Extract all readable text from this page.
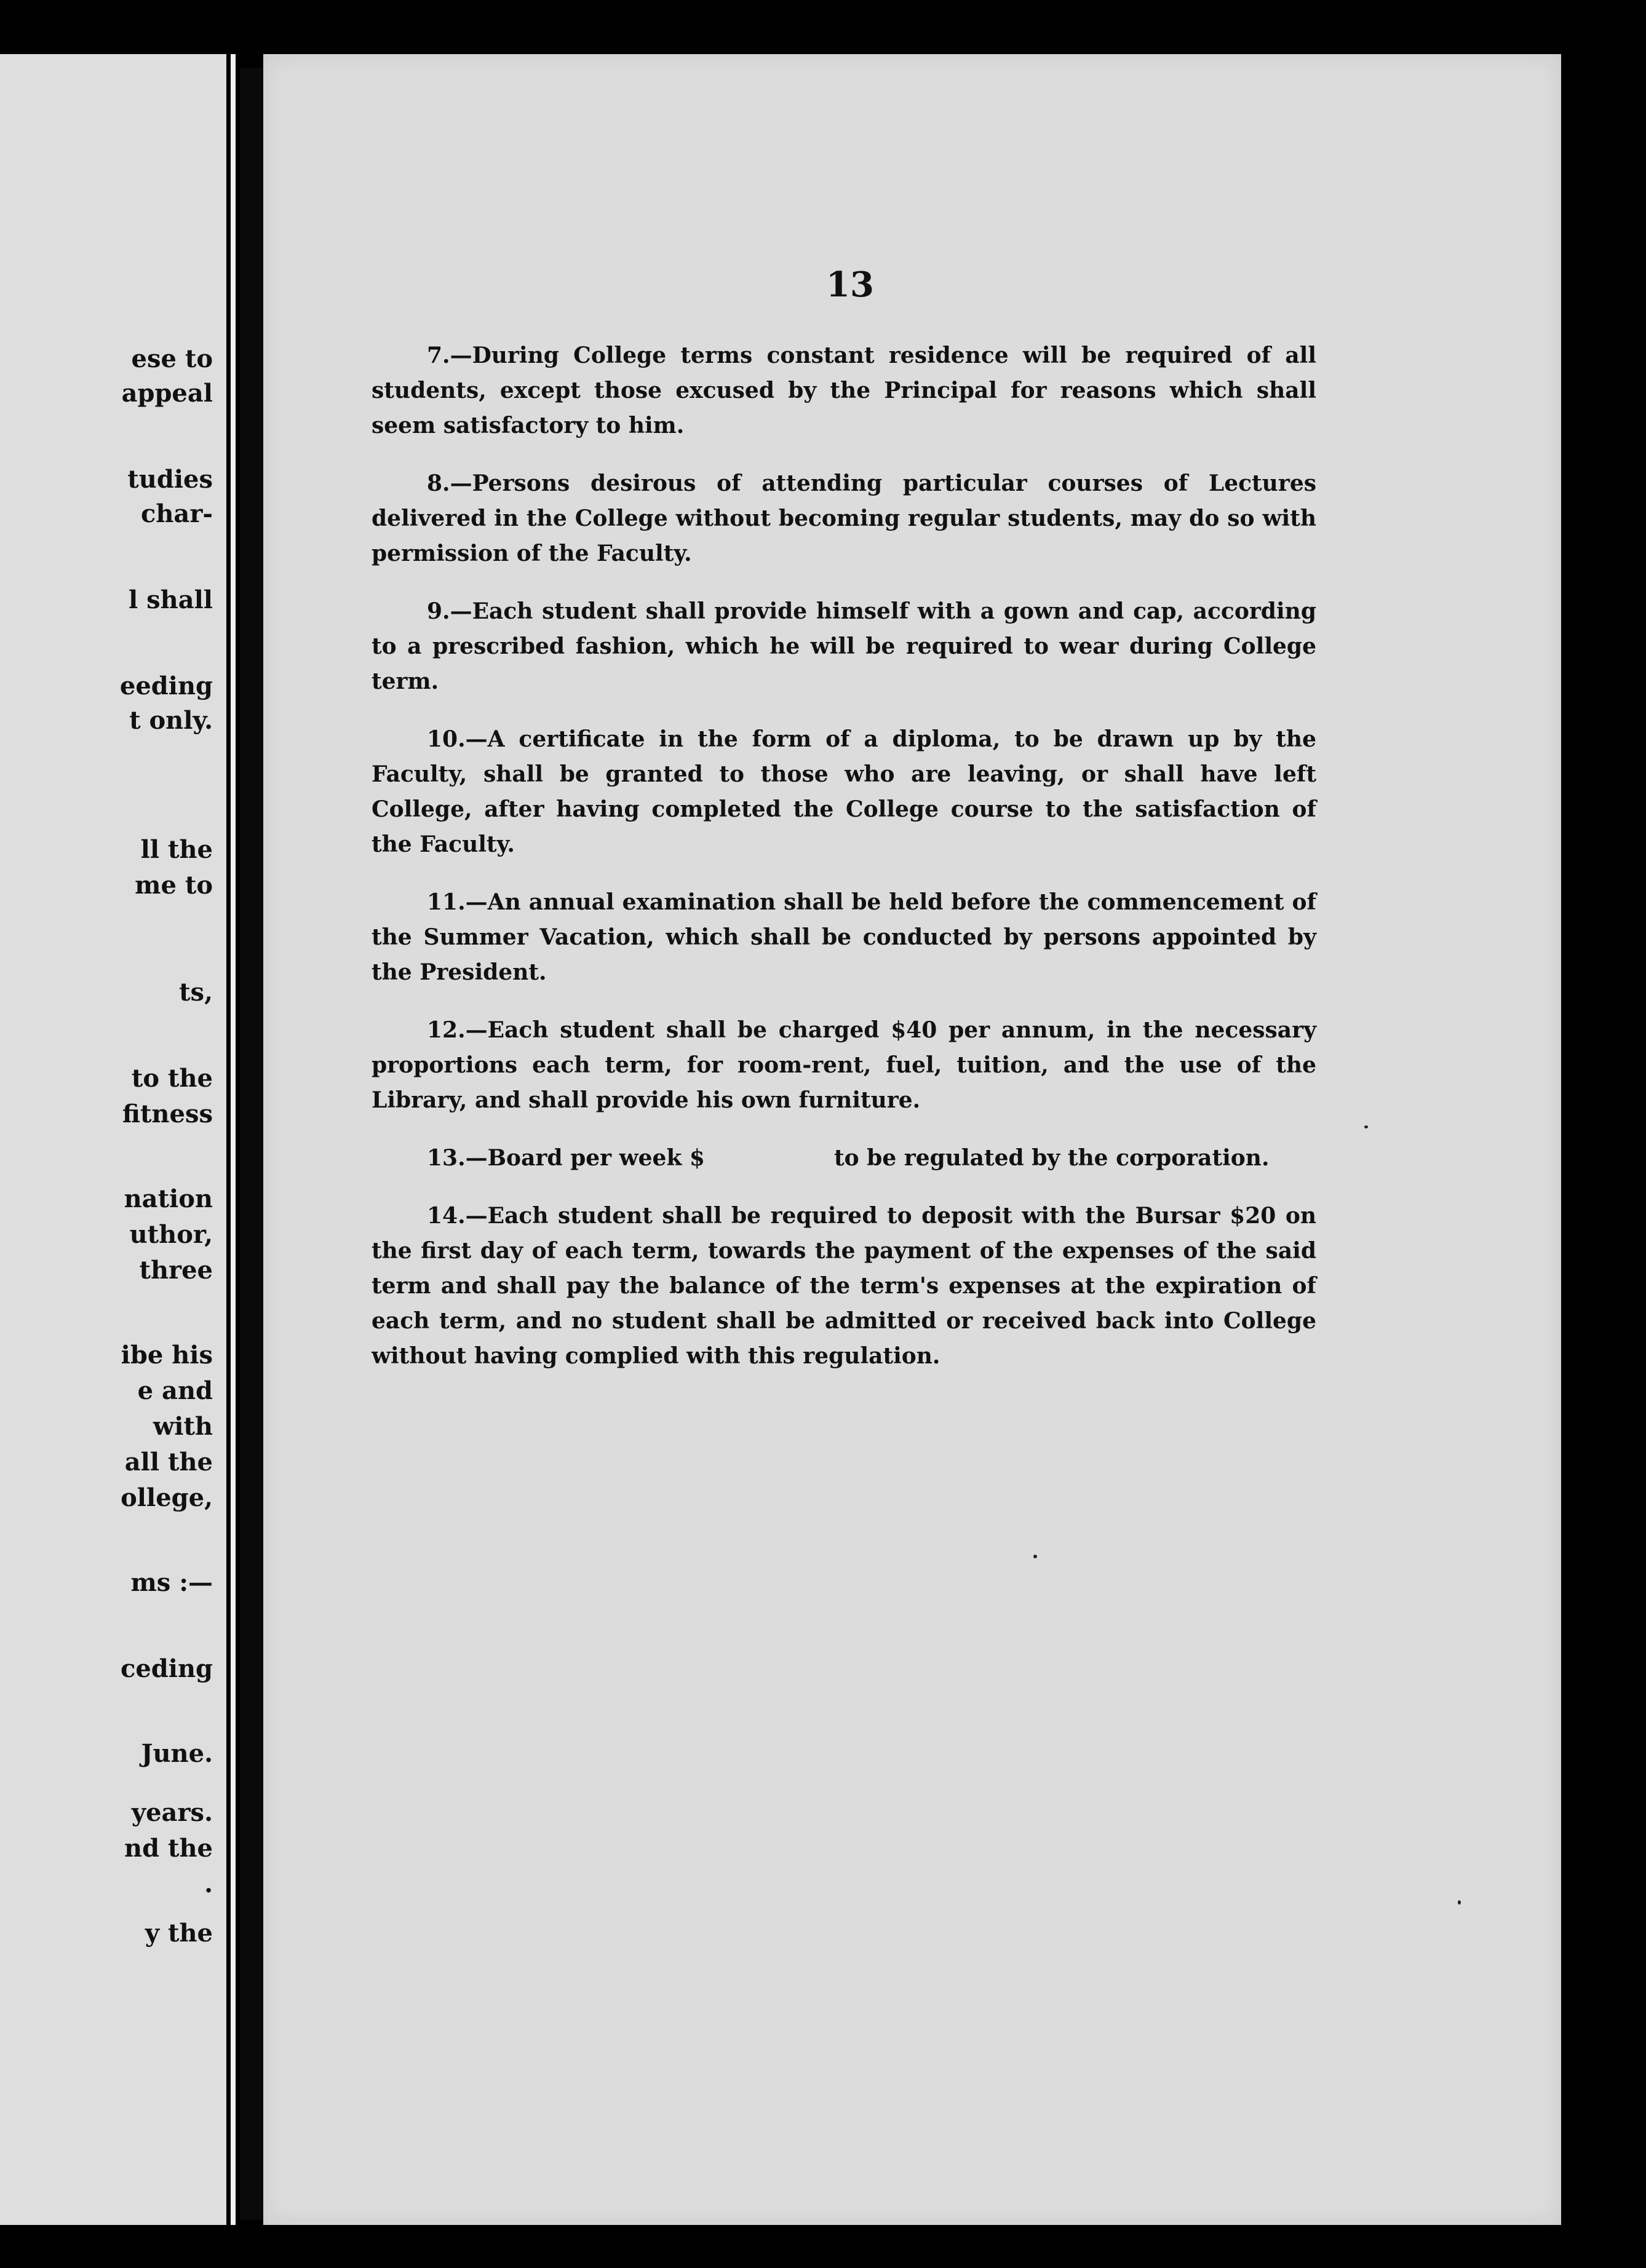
ese to
appeal
tudies
char-
l shall
eeding
t only.
ll the
me to
ts,
to the
fitness
nation
uthor,
three
ibe his
e and
with
all the
ollege,
ms :—
ceding
June.
years.
nd the
.
y the
13

7.—During College terms constant residence will be required of all students, except those excused by the Principal for reasons which shall seem satisfactory to him.

8.—Persons desirous of attending particular courses of Lectures delivered in the College without becoming regular students, may do so with permission of the Faculty.

9.—Each student shall provide himself with a gown and cap, according to a prescribed fashion, which he will be required to wear during College term.

10.—A certificate in the form of a diploma, to be drawn up by the Faculty, shall be granted to those who are leaving, or shall have left College, after having completed the College course to the satisfaction of the Faculty.

11.—An annual examination shall be held before the commencement of the Summer Vacation, which shall be conducted by persons appointed by the President.

12.—Each student shall be charged $40 per annum, in the necessary proportions each term, for room-rent, fuel, tuition, and the use of the Library, and shall provide his own furniture.

13.—Board per week $	to be regulated by the corporation.

14.—Each student shall be required to deposit with the Bursar $20 on the first day of each term, towards the payment of the expenses of the said term and shall pay the balance of the term's expenses at the expiration of each term, and no student shall be admitted or received back into College without having complied with this regulation.
